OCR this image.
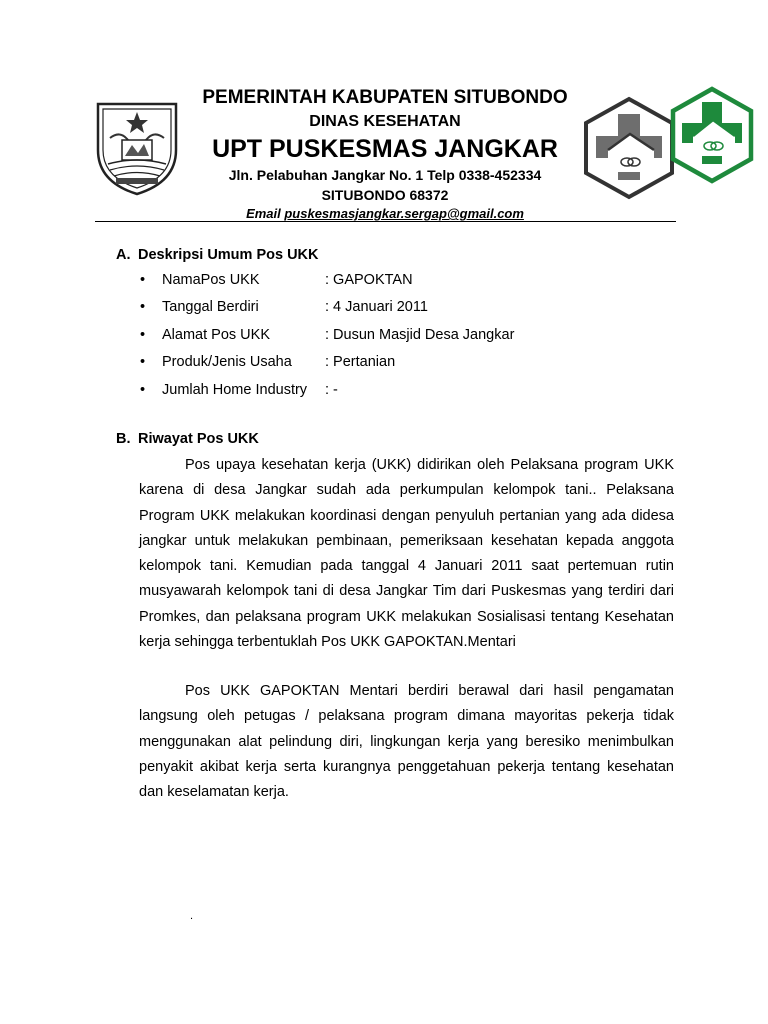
PEMERINTAH KABUPATEN SITUBONDO
DINAS KESEHATAN
UPT PUSKESMAS JANGKAR
Jln. Pelabuhan Jangkar No. 1 Telp 0338-452334
SITUBONDO 68372
Email puskesmasjangkar.sergap@gmail.com
A. Deskripsi Umum Pos UKK
• NamaPos UKK	: GAPOKTAN
• Tanggal Berdiri	: 4 Januari 2011
• Alamat Pos UKK	: Dusun Masjid Desa Jangkar
• Produk/Jenis Usaha : Pertanian
• Jumlah Home Industry : -
B. Riwayat Pos UKK

Pos upaya kesehatan kerja (UKK) didirikan oleh Pelaksana program UKK karena di desa Jangkar sudah ada perkumpulan kelompok tani.. Pelaksana Program UKK melakukan koordinasi dengan penyuluh pertanian yang ada didesa jangkar untuk melakukan pembinaan, pemeriksaan kesehatan kepada anggota kelompok tani. Kemudian pada tanggal 4 Januari 2011 saat pertemuan rutin musyawarah kelompok tani di desa Jangkar Tim dari Puskesmas yang terdiri dari Promkes, dan pelaksana program UKK melakukan Sosialisasi tentang Kesehatan kerja sehingga terbentuklah Pos UKK GAPOKTAN.Mentari

Pos UKK GAPOKTAN Mentari berdiri berawal dari hasil pengamatan langsung oleh petugas / pelaksana program dimana mayoritas pekerja tidak menggunakan alat pelindung diri, lingkungan kerja yang beresiko menimbulkan penyakit akibat kerja serta kurangnya penggetahuan pekerja tentang kesehatan dan keselamatan kerja.

.
